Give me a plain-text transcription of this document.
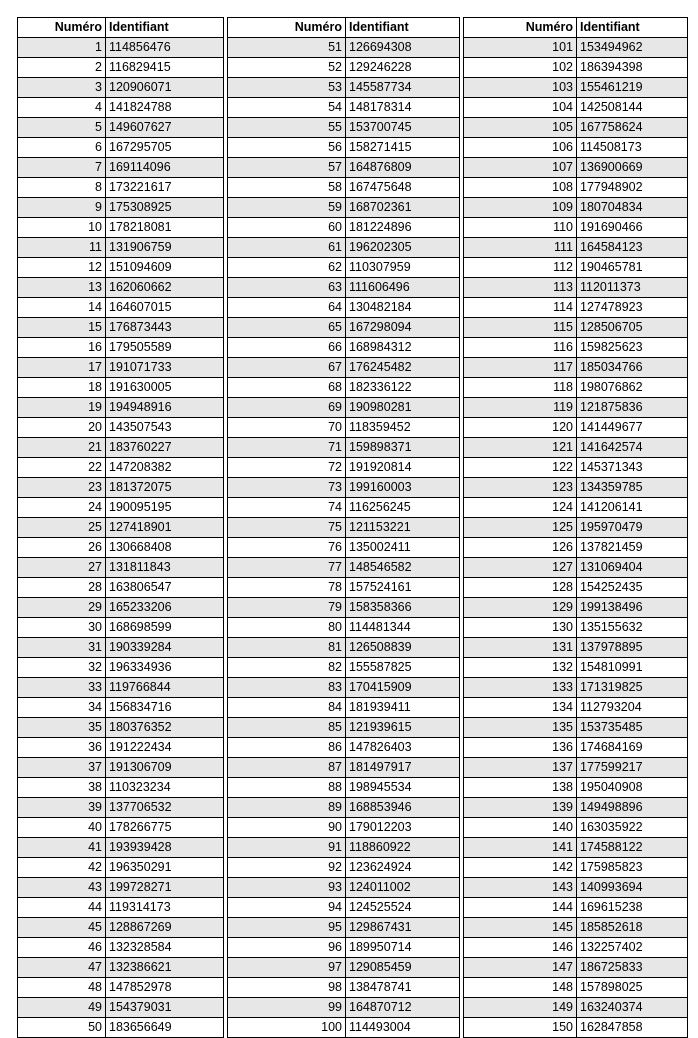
Numéro	Identifiant
1	114856476
2	116829415
3	120906071
4	141824788
5	149607627
6	167295705
7	169114096
8	173221617
9	175308925
10	178218081
11	131906759
12	151094609
13	162060662
14	164607015
15	176873443
16	179505589
17	191071733
18	191630005
19	194948916
20	143507543
21	183760227
22	147208382
23	181372075
24	190095195
25	127418901
26	130668408
27	131811843
28	163806547
29	165233206
30	168698599
31	190339284
32	196334936
33	119766844
34	156834716
35	180376352
36	191222434
37	191306709
38	110323234
39	137706532
40	178266775
41	193939428
42	196350291
43	199728271
44	119314173
45	128867269
46	132328584
47	132386621
48	147852978
49	154379031
50	183656649
Numéro	Identifiant
51	126694308
52	129246228
53	145587734
54	148178314
55	153700745
56	158271415
57	164876809
58	167475648
59	168702361
60	181224896
61	196202305
62	110307959
63	111606496
64	130482184
65	167298094
66	168984312
67	176245482
68	182336122
69	190980281
70	118359452
71	159898371
72	191920814
73	199160003
74	116256245
75	121153221
76	135002411
77	148546582
78	157524161
79	158358366
80	114481344
81	126508839
82	155587825
83	170415909
84	181939411
85	121939615
86	147826403
87	181497917
88	198945534
89	168853946
90	179012203
91	118860922
92	123624924
93	124011002
94	124525524
95	129867431
96	189950714
97	129085459
98	138478741
99	164870712
100	114493004
Numéro	Identifiant
101	153494962
102	186394398
103	155461219
104	142508144
105	167758624
106	114508173
107	136900669
108	177948902
109	180704834
110	191690466
111	164584123
112	190465781
113	112011373
114	127478923
115	128506705
116	159825623
117	185034766
118	198076862
119	121875836
120	141449677
121	141642574
122	145371343
123	134359785
124	141206141
125	195970479
126	137821459
127	131069404
128	154252435
129	199138496
130	135155632
131	137978895
132	154810991
133	171319825
134	112793204
135	153735485
136	174684169
137	177599217
138	195040908
139	149498896
140	163035922
141	174588122
142	175985823
143	140993694
144	169615238
145	185852618
146	132257402
147	186725833
148	157898025
149	163240374
150	162847858
